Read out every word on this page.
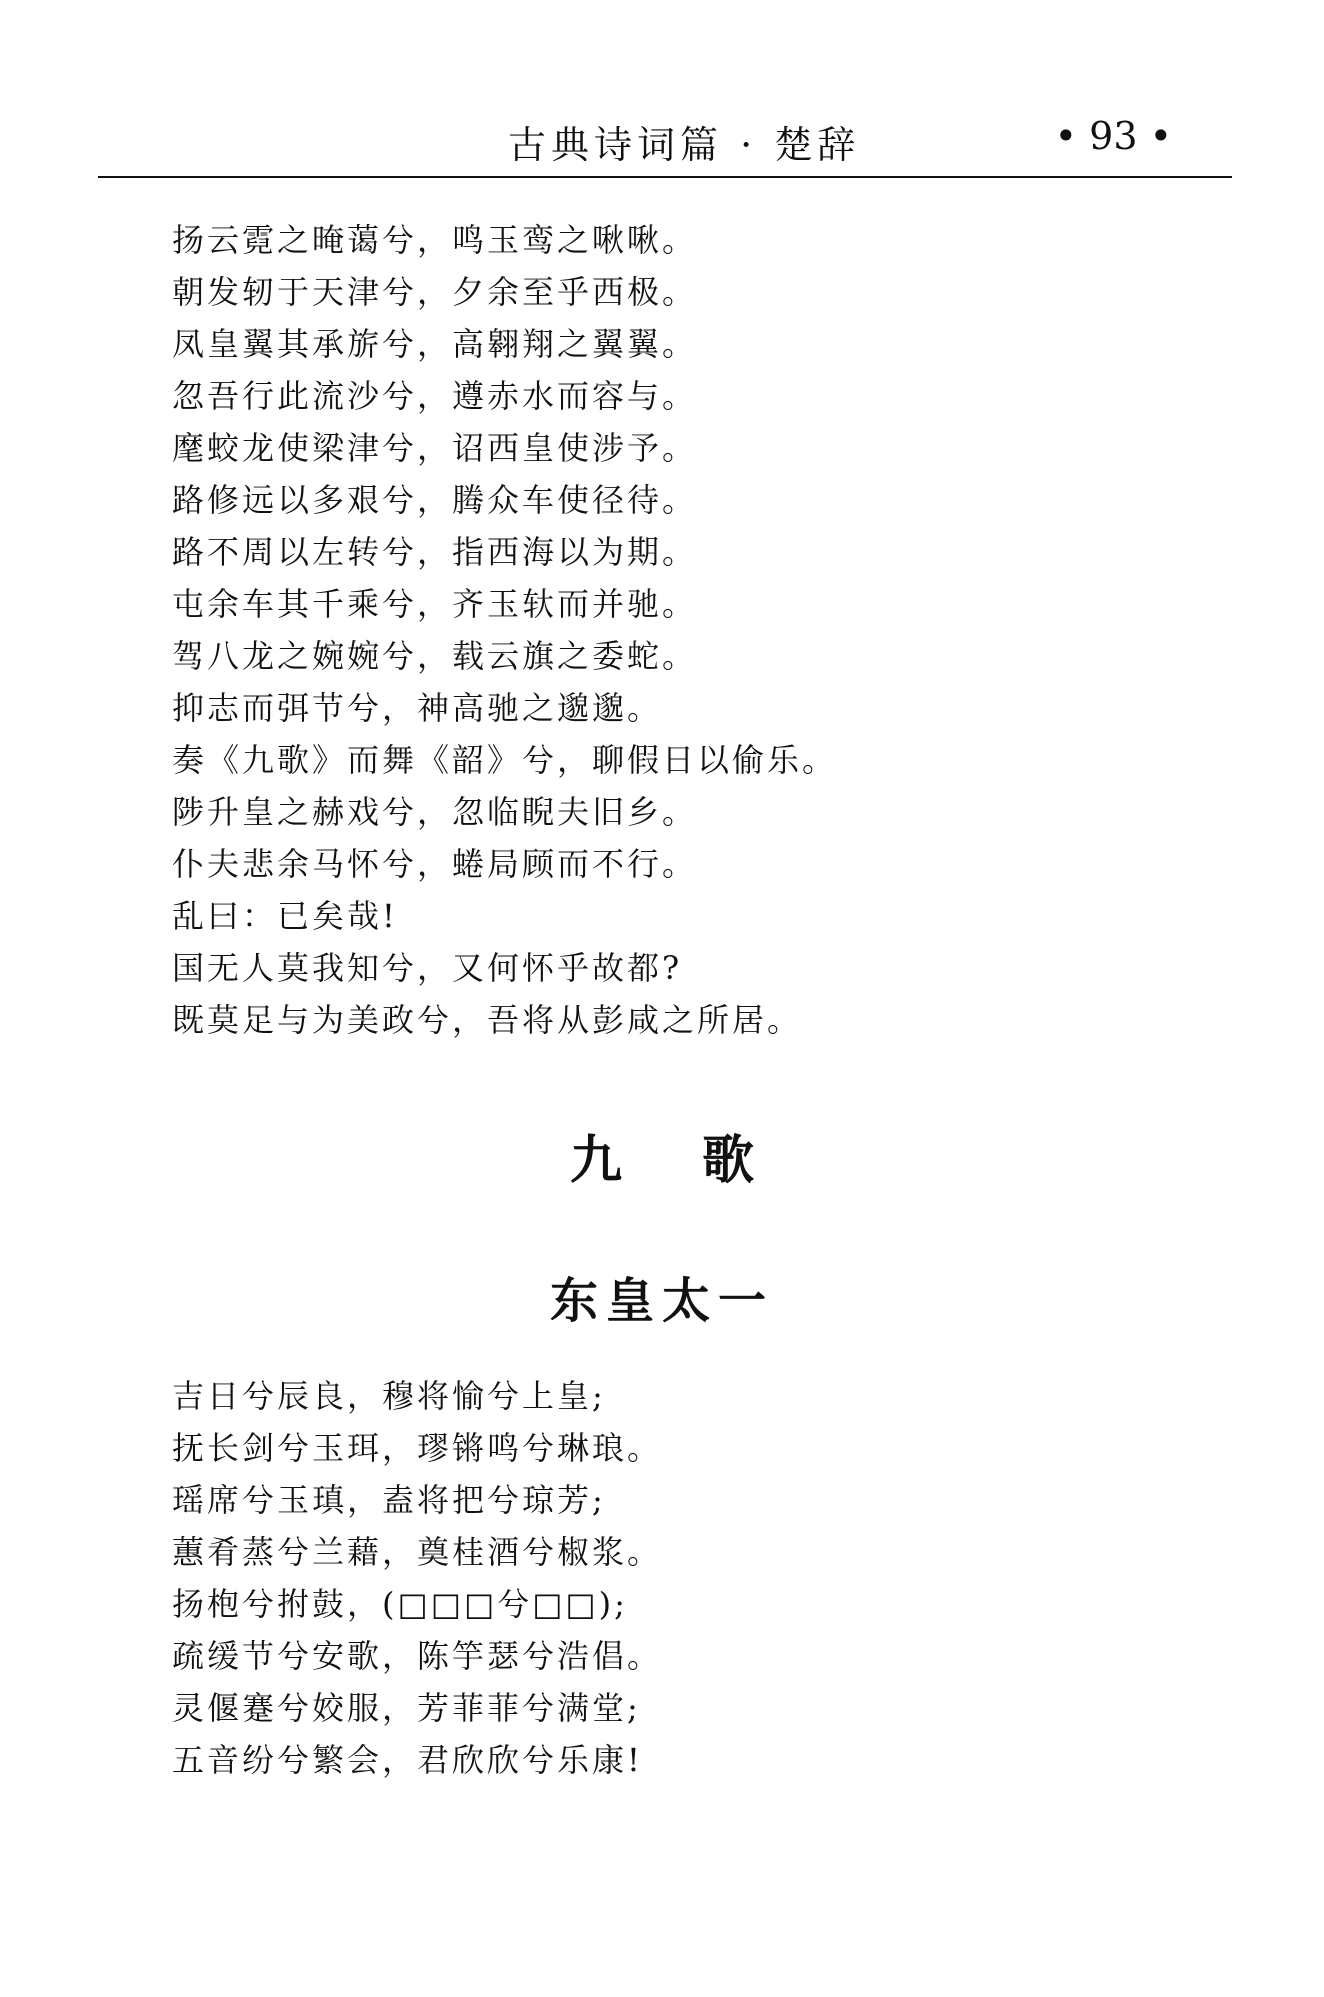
古典诗词篇 · 楚辞	• 93 •
扬云霓之晻蔼兮，鸣玉鸾之啾啾。
朝发轫于天津兮，夕余至乎西极。
凤皇翼其承旂兮，高翱翔之翼翼。
忽吾行此流沙兮，遵赤水而容与。
麾蛟龙使梁津兮，诏西皇使涉予。
路修远以多艰兮，腾众车使径待。
路不周以左转兮，指西海以为期。
屯余车其千乘兮，齐玉轪而并驰。
驾八龙之婉婉兮，载云旗之委蛇。
抑志而弭节兮，神高驰之邈邈。
奏《九歌》而舞《韶》兮，聊假日以偷乐。
陟升皇之赫戏兮，忽临睨夫旧乡。
仆夫悲余马怀兮，蜷局顾而不行。
乱曰：已矣哉!
国无人莫我知兮，又何怀乎故都?
既莫足与为美政兮，吾将从彭咸之所居。
九歌
东皇太一
吉日兮辰良，穆将愉兮上皇;
抚长剑兮玉珥，璆锵鸣兮琳琅。
瑶席兮玉瑱，盍将把兮琼芳;
蕙肴蒸兮兰藉，奠桂酒兮椒浆。
扬枹兮拊鼓，(□□□兮□□);
疏缓节兮安歌，陈竽瑟兮浩倡。
灵偃蹇兮姣服，芳菲菲兮满堂;
五音纷兮繁会，君欣欣兮乐康!
